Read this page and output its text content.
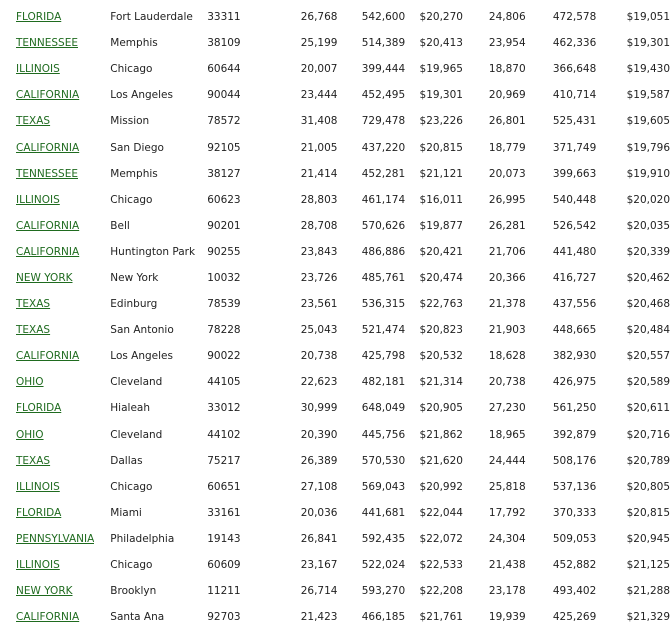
FLORIDA	Fort Lauderdale	33311	26,768	542,600	$20,270	24,806	472,578	$19,051
TENNESSEE	Memphis	38109	25,199	514,389	$20,413	23,954	462,336	$19,301
ILLINOIS	Chicago	60644	20,007	399,444	$19,965	18,870	366,648	$19,430
CALIFORNIA	Los Angeles	90044	23,444	452,495	$19,301	20,969	410,714	$19,587
TEXAS	Mission	78572	31,408	729,478	$23,226	26,801	525,431	$19,605
CALIFORNIA	San Diego	92105	21,005	437,220	$20,815	18,779	371,749	$19,796
TENNESSEE	Memphis	38127	21,414	452,281	$21,121	20,073	399,663	$19,910
ILLINOIS	Chicago	60623	28,803	461,174	$16,011	26,995	540,448	$20,020
CALIFORNIA	Bell	90201	28,708	570,626	$19,877	26,281	526,542	$20,035
CALIFORNIA	Huntington Park	90255	23,843	486,886	$20,421	21,706	441,480	$20,339
NEW YORK	New York	10032	23,726	485,761	$20,474	20,366	416,727	$20,462
TEXAS	Edinburg	78539	23,561	536,315	$22,763	21,378	437,556	$20,468
TEXAS	San Antonio	78228	25,043	521,474	$20,823	21,903	448,665	$20,484
CALIFORNIA	Los Angeles	90022	20,738	425,798	$20,532	18,628	382,930	$20,557
OHIO	Cleveland	44105	22,623	482,181	$21,314	20,738	426,975	$20,589
FLORIDA	Hialeah	33012	30,999	648,049	$20,905	27,230	561,250	$20,611
OHIO	Cleveland	44102	20,390	445,756	$21,862	18,965	392,879	$20,716
TEXAS	Dallas	75217	26,389	570,530	$21,620	24,444	508,176	$20,789
ILLINOIS	Chicago	60651	27,108	569,043	$20,992	25,818	537,136	$20,805
FLORIDA	Miami	33161	20,036	441,681	$22,044	17,792	370,333	$20,815
PENNSYLVANIA	Philadelphia	19143	26,841	592,435	$22,072	24,304	509,053	$20,945
ILLINOIS	Chicago	60609	23,167	522,024	$22,533	21,438	452,882	$21,125
NEW YORK	Brooklyn	11211	26,714	593,270	$22,208	23,178	493,402	$21,288
CALIFORNIA	Santa Ana	92703	21,423	466,185	$21,761	19,939	425,269	$21,329
